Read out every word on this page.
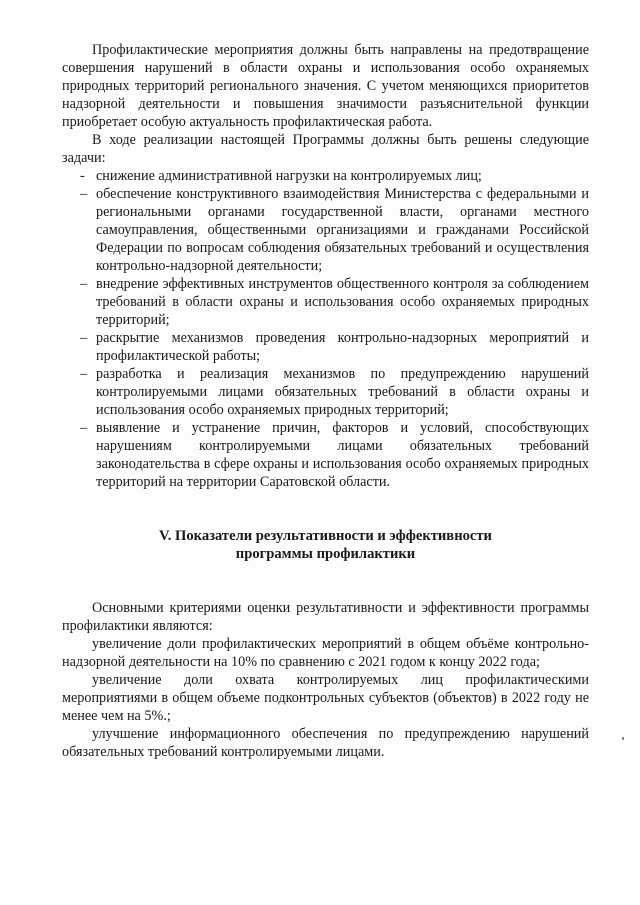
Профилактические мероприятия должны быть направлены на предотвращение совершения нарушений в области охраны и использования особо охраняемых природных территорий регионального значения. С учетом меняющихся приоритетов надзорной деятельности и повышения значимости разъяснительной функции приобретает особую актуальность профилактическая работа.

В ходе реализации настоящей Программы должны быть решены следующие задачи:

- снижение административной нагрузки на контролируемых лиц;
– обеспечение конструктивного взаимодействия Министерства с федеральными и региональными органами государственной власти, органами местного самоуправления, общественными организациями и гражданами Российской Федерации по вопросам соблюдения обязательных требований и осуществления контрольно-надзорной деятельности;
– внедрение эффективных инструментов общественного контроля за соблюдением требований в области охраны и использования особо охраняемых природных территорий;
– раскрытие механизмов проведения контрольно-надзорных мероприятий и профилактической работы;
– разработка и реализация механизмов по предупреждению нарушений контролируемыми лицами обязательных требований в области охраны и использования особо охраняемых природных территорий;
– выявление и устранение причин, факторов и условий, способствующих нарушениям контролируемыми лицами обязательных требований законодательства в сфере охраны и использования особо охраняемых природных территорий на территории Саратовской области.
V. Показатели результативности и эффективности
программы профилактики

Основными критериями оценки результативности и эффективности программы профилактики являются:

увеличение доли профилактических мероприятий в общем объёме контрольно-надзорной деятельности на 10% по сравнению с 2021 годом к концу 2022 года;

увеличение доли охвата контролируемых лиц профилактическими мероприятиями в общем объеме подконтрольных субъектов (объектов) в 2022 году не менее чем на 5%.;

улучшение информационного обеспечения по предупреждению нарушений обязательных требований контролируемыми лицами.
